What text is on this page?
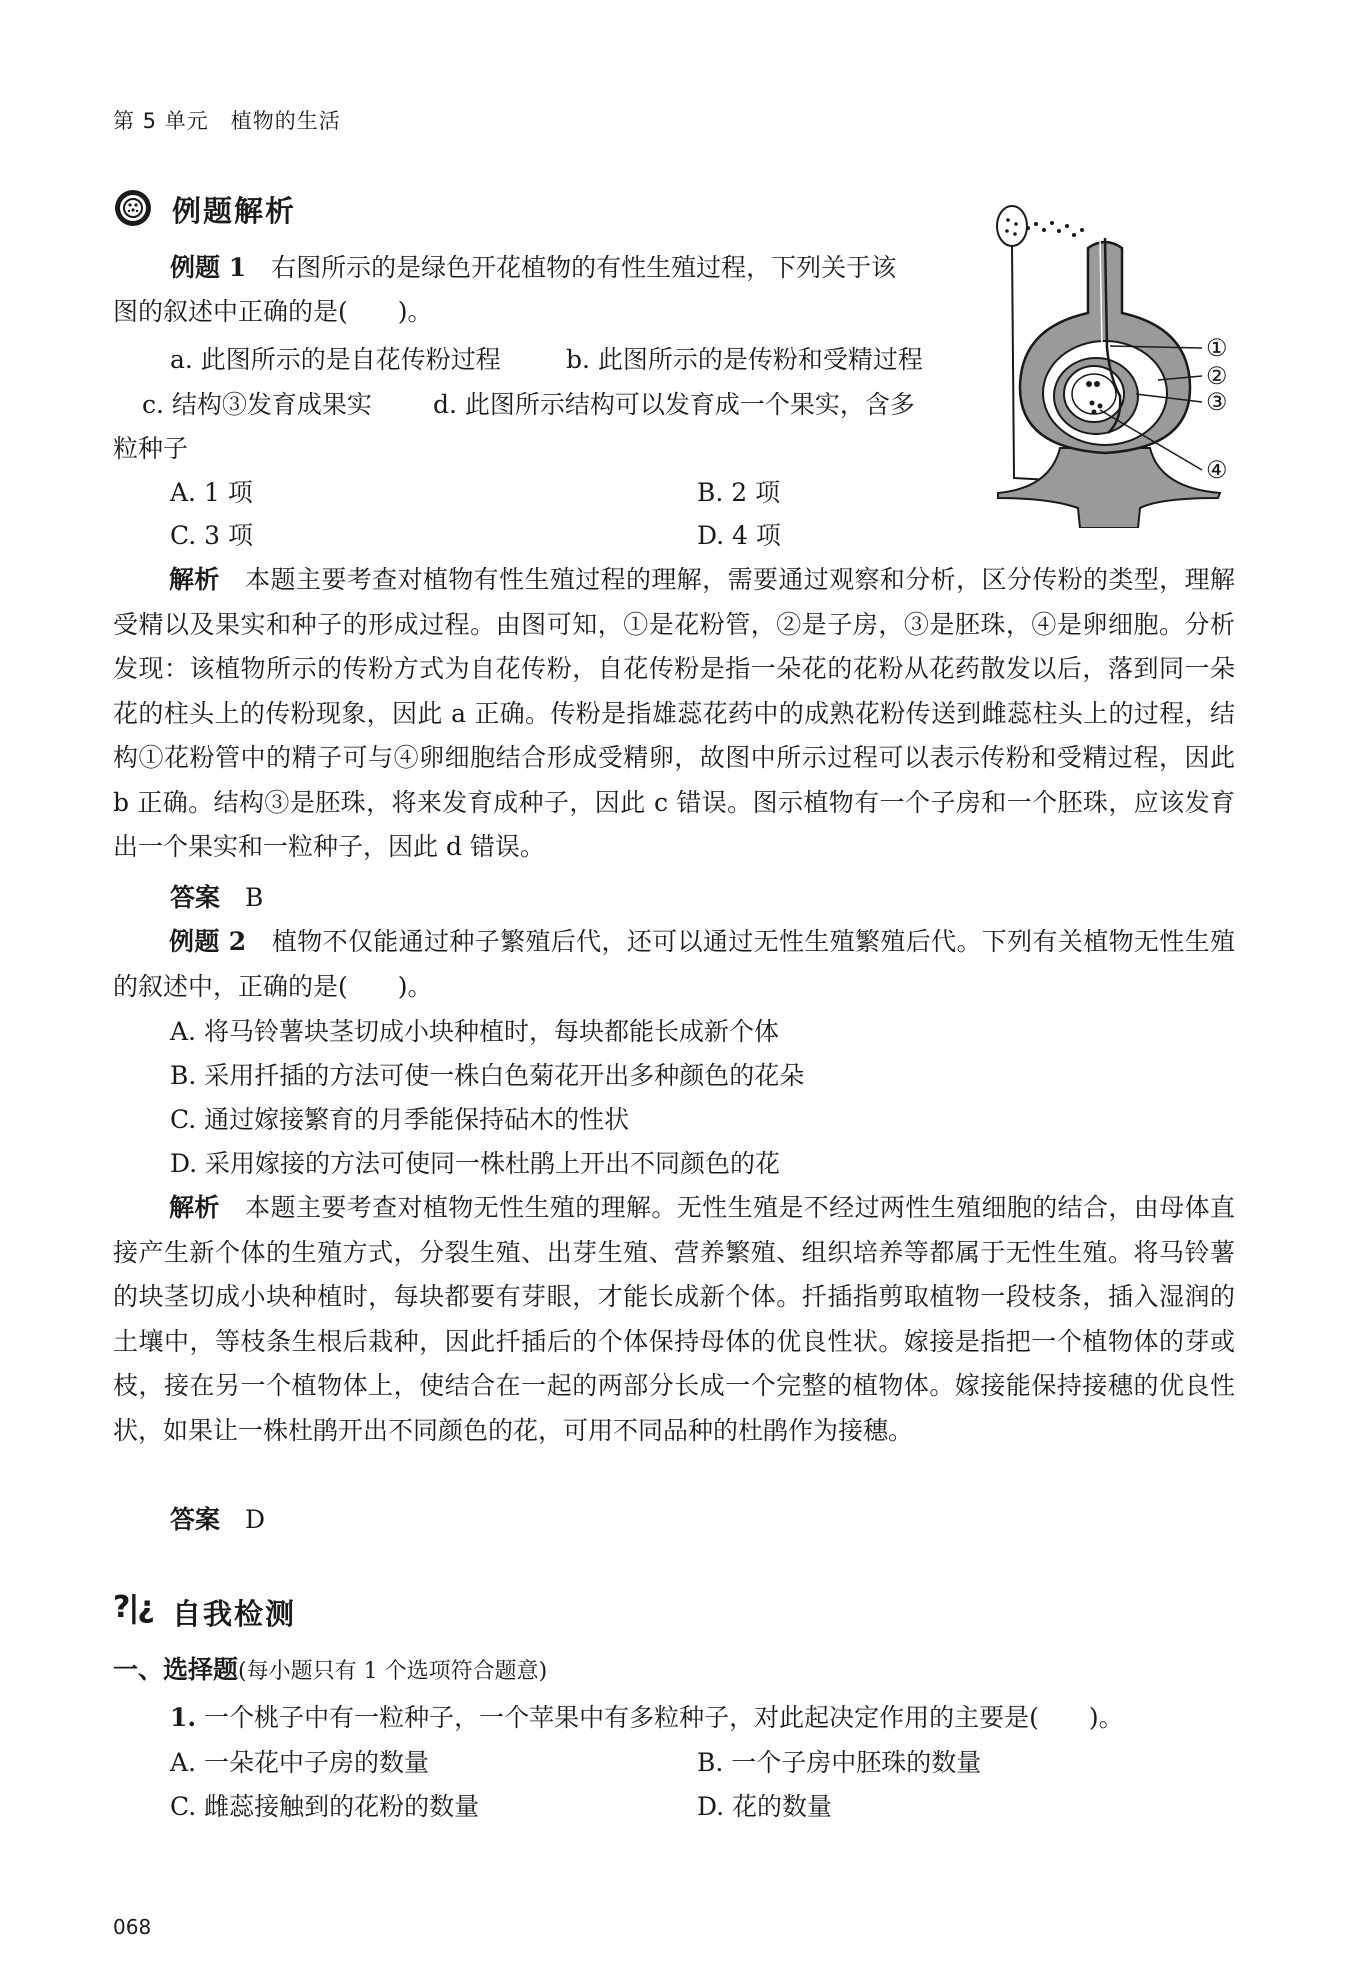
第 5 单元　植物的生活
例题解析
例题 1　 右图所示的是绿色开花植物的有性生殖过程，下列关于该
图的叙述中正确的是(　　)。
a. 此图所示的是自花传粉过程	b. 此图所示的是传粉和受精过程
c. 结构③发育成果实 d. 此图所示结构可以发育成一个果实，含多
粒种子
A. 1 项	B. 2 项
C. 3 项	D. 4 项
①
②
③
④
解析　 本题主要考查对植物有性生殖过程的理解，需要通过观察和分析，区分传粉的类型，理解受精以及果实和种子的形成过程。由图可知，①是花粉管，②是子房，③是胚珠，④是卵细胞。分析发现：该植物所示的传粉方式为自花传粉，自花传粉是指一朵花的花粉从花药散发以后，落到同一朵花的柱头上的传粉现象，因此 a 正确。传粉是指雄蕊花药中的成熟花粉传送到雌蕊柱头上的过程，结构①花粉管中的精子可与④卵细胞结合形成受精卵，故图中所示过程可以表示传粉和受精过程，因此 b 正确。结构③是胚珠，将来发育成种子，因此 c 错误。图示植物有一个子房和一个胚珠，应该发育出一个果实和一粒种子，因此 d 错误。
答案　 B
例题 2　 植物不仅能通过种子繁殖后代，还可以通过无性生殖繁殖后代。下列有关植物无性生殖的叙述中，正确的是(　　)。
A. 将马铃薯块茎切成小块种植时，每块都能长成新个体
B. 采用扦插的方法可使一株白色菊花开出多种颜色的花朵
C. 通过嫁接繁育的月季能保持砧木的性状
D. 采用嫁接的方法可使同一株杜鹃上开出不同颜色的花
解析　 本题主要考查对植物无性生殖的理解。无性生殖是不经过两性生殖细胞的结合，由母体直接产生新个体的生殖方式，分裂生殖、出芽生殖、营养繁殖、组织培养等都属于无性生殖。将马铃薯的块茎切成小块种植时，每块都要有芽眼，才能长成新个体。扦插指剪取植物一段枝条，插入湿润的土壤中，等枝条生根后栽种，因此扦插后的个体保持母体的优良性状。嫁接是指把一个植物体的芽或枝，接在另一个植物体上，使结合在一起的两部分长成一个完整的植物体。嫁接能保持接穗的优良性状，如果让一株杜鹃开出不同颜色的花，可用不同品种的杜鹃作为接穗。
答案　 D
?|¿ 自我检测
一、选择题(每小题只有 1 个选项符合题意)
1. 一个桃子中有一粒种子，一个苹果中有多粒种子，对此起决定作用的主要是(　　)。
A. 一朵花中子房的数量	B. 一个子房中胚珠的数量
C. 雌蕊接触到的花粉的数量	D. 花的数量
068
